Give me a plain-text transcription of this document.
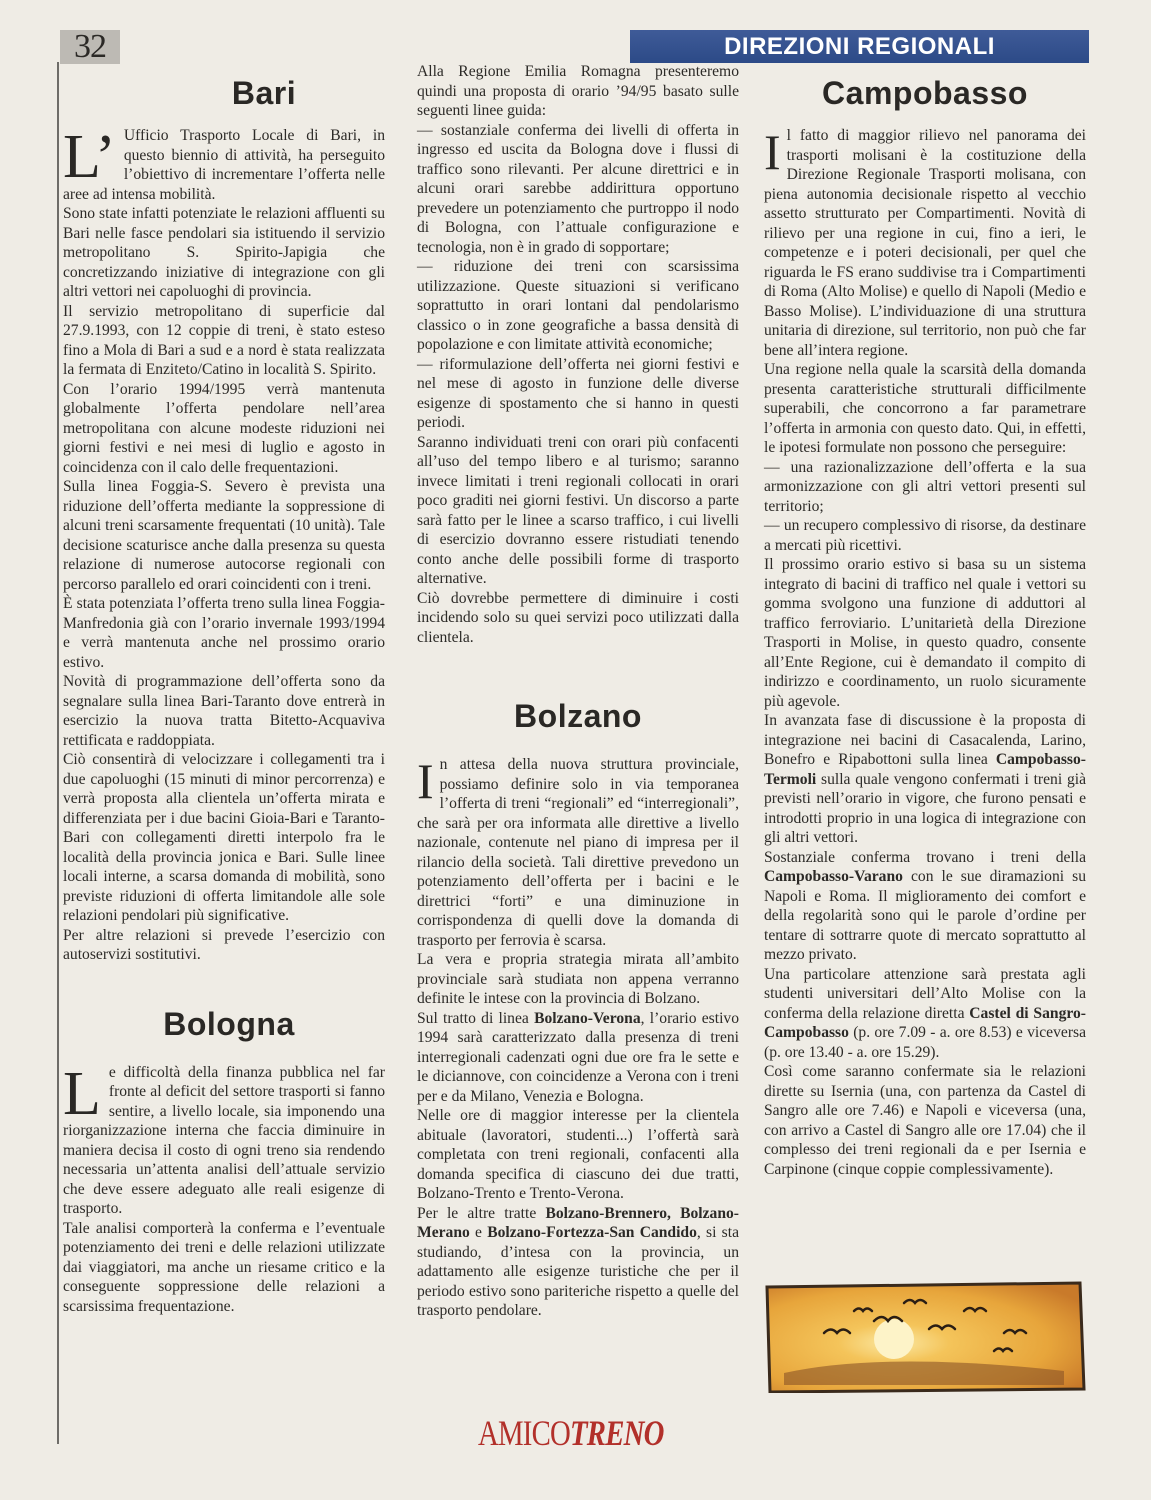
32	DIREZIONI REGIONALI
Bari

L’ Ufficio Trasporto Locale di Bari, in questo biennio di attività, ha perseguito l’obiettivo di incrementare l’offerta nelle aree ad intensa mobilità.

Sono state infatti potenziate le relazioni affluenti su Bari nelle fasce pendolari sia istituendo il servizio metropolitano S. Spirito-Japigia che concretizzando iniziative di integrazione con gli altri vettori nei capoluoghi di provincia.

Il servizio metropolitano di superficie dal 27.9.1993, con 12 coppie di treni, è stato esteso fino a Mola di Bari a sud e a nord è stata realizzata la fermata di Enziteto/Catino in località S. Spirito.

Con l’orario 1994/1995 verrà mantenuta globalmente l’offerta pendolare nell’area metropolitana con alcune modeste riduzioni nei giorni festivi e nei mesi di luglio e agosto in coincidenza con il calo delle frequentazioni.

Sulla linea Foggia-S. Severo è prevista una riduzione dell’offerta mediante la soppressione di alcuni treni scarsamente frequentati (10 unità). Tale decisione scaturisce anche dalla presenza su questa relazione di numerose autocorse regionali con percorso parallelo ed orari coincidenti con i treni.

È stata potenziata l’offerta treno sulla linea Foggia-Manfredonia già con l’orario invernale 1993/1994 e verrà mantenuta anche nel prossimo orario estivo.

Novità di programmazione dell’offerta sono da segnalare sulla linea Bari-Taranto dove entrerà in esercizio la nuova tratta Bitetto-Acquaviva rettificata e raddoppiata.

Ciò consentirà di velocizzare i collegamenti tra i due capoluoghi (15 minuti di minor percorrenza) e verrà proposta alla clientela un’offerta mirata e differenziata per i due bacini Gioia-Bari e Taranto-Bari con collegamenti diretti interpolo fra le località della provincia jonica e Bari. Sulle linee locali interne, a scarsa domanda di mobilità, sono previste riduzioni di offerta limitandole alle sole relazioni pendolari più significative.

Per altre relazioni si prevede l’esercizio con autoservizi sostitutivi.

Bologna

Le difficoltà della finanza pubblica nel far fronte al deficit del settore trasporti si fanno sentire, a livello locale, sia imponendo una riorganizzazione interna che faccia diminuire in maniera decisa il costo di ogni treno sia rendendo necessaria un’attenta analisi dell’attuale servizio che deve essere adeguato alle reali esigenze di trasporto.

Tale analisi comporterà la conferma e l’eventuale potenziamento dei treni e delle relazioni utilizzate dai viaggiatori, ma anche un riesame critico e la conseguente soppressione delle relazioni a scarsissima frequentazione.

Alla Regione Emilia Romagna presenteremo quindi una proposta di orario ’94/95 basato sulle seguenti linee guida:

— sostanziale conferma dei livelli di offerta in ingresso ed uscita da Bologna dove i flussi di traffico sono rilevanti. Per alcune direttrici e in alcuni orari sarebbe addirittura opportuno prevedere un potenziamento che purtroppo il nodo di Bologna, con l’attuale configurazione e tecnologia, non è in grado di sopportare;

— riduzione dei treni con scarsissima utilizzazione. Queste situazioni si verificano soprattutto in orari lontani dal pendolarismo classico o in zone geografiche a bassa densità di popolazione e con limitate attività economiche;

— riformulazione dell’offerta nei giorni festivi e nel mese di agosto in funzione delle diverse esigenze di spostamento che si hanno in questi periodi.

Saranno individuati treni con orari più confacenti all’uso del tempo libero e al turismo; saranno invece limitati i treni regionali collocati in orari poco graditi nei giorni festivi. Un discorso a parte sarà fatto per le linee a scarso traffico, i cui livelli di esercizio dovranno essere ristudiati tenendo conto anche delle possibili forme di trasporto alternative.

Ciò dovrebbe permettere di diminuire i costi incidendo solo su quei servizi poco utilizzati dalla clientela.

Bolzano

In attesa della nuova struttura provinciale, possiamo definire solo in via temporanea l’offerta di treni “regionali” ed “interregionali”, che sarà per ora informata alle direttive a livello nazionale, contenute nel piano di impresa per il rilancio della società. Tali direttive prevedono un potenziamento dell’offerta per i bacini e le direttrici “forti” e una diminuzione in corrispondenza di quelli dove la domanda di trasporto per ferrovia è scarsa.

La vera e propria strategia mirata all’ambito provinciale sarà studiata non appena verranno definite le intese con la provincia di Bolzano.

Sul tratto di linea Bolzano-Verona, l’orario estivo 1994 sarà caratterizzato dalla presenza di treni interregionali cadenzati ogni due ore fra le sette e le diciannove, con coincidenze a Verona con i treni per e da Milano, Venezia e Bologna.

Nelle ore di maggior interesse per la clientela abituale (lavoratori, studenti...) l’offertà sarà completata con treni regionali, confacenti alla domanda specifica di ciascuno dei due tratti, Bolzano-Trento e Trento-Verona.

Per le altre tratte Bolzano-Brennero, Bolzano-Merano e Bolzano-Fortezza-San Candido, si sta studiando, d’intesa con la provincia, un adattamento alle esigenze turistiche che per il periodo estivo sono pariteriche rispetto a quelle del trasporto pendolare.

Campobasso

Il fatto di maggior rilievo nel panorama dei trasporti molisani è la costituzione della Direzione Regionale Trasporti molisana, con piena autonomia decisionale rispetto al vecchio assetto strutturato per Compartimenti. Novità di rilievo per una regione in cui, fino a ieri, le competenze e i poteri decisionali, per quel che riguarda le FS erano suddivise tra i Compartimenti di Roma (Alto Molise) e quello di Napoli (Medio e Basso Molise). L’individuazione di una struttura unitaria di direzione, sul territorio, non può che far bene all’intera regione.

Una regione nella quale la scarsità della domanda presenta caratteristiche strutturali difficilmente superabili, che concorrono a far parametrare l’offerta in armonia con questo dato. Qui, in effetti, le ipotesi formulate non possono che perseguire:

— una razionalizzazione dell’offerta e la sua armonizzazione con gli altri vettori presenti sul territorio;

— un recupero complessivo di risorse, da destinare a mercati più ricettivi.

Il prossimo orario estivo si basa su un sistema integrato di bacini di traffico nel quale i vettori su gomma svolgono una funzione di adduttori al traffico ferroviario. L’unitarietà della Direzione Trasporti in Molise, in questo quadro, consente all’Ente Regione, cui è demandato il compito di indirizzo e coordinamento, un ruolo sicuramente più agevole.

In avanzata fase di discussione è la proposta di integrazione nei bacini di Casacalenda, Larino, Bonefro e Ripabottoni sulla linea Campobasso-Termoli sulla quale vengono confermati i treni già previsti nell’orario in vigore, che furono pensati e introdotti proprio in una logica di integrazione con gli altri vettori.

Sostanziale conferma trovano i treni della Campobasso-Varano con le sue diramazioni su Napoli e Roma. Il miglioramento dei comfort e della regolarità sono qui le parole d’ordine per tentare di sottrarre quote di mercato soprattutto al mezzo privato.

Una particolare attenzione sarà prestata agli studenti universitari dell’Alto Molise con la conferma della relazione diretta Castel di Sangro-Campobasso (p. ore 7.09 - a. ore 8.53) e viceversa (p. ore 13.40 - a. ore 15.29).

Così come saranno confermate sia le relazioni dirette su Isernia (una, con partenza da Castel di Sangro alle ore 7.46) e Napoli e viceversa (una, con arrivo a Castel di Sangro alle ore 17.04) che il complesso dei treni regionali da e per Isernia e Carpinone (cinque coppie complessivamente).

AMICOTRENO
